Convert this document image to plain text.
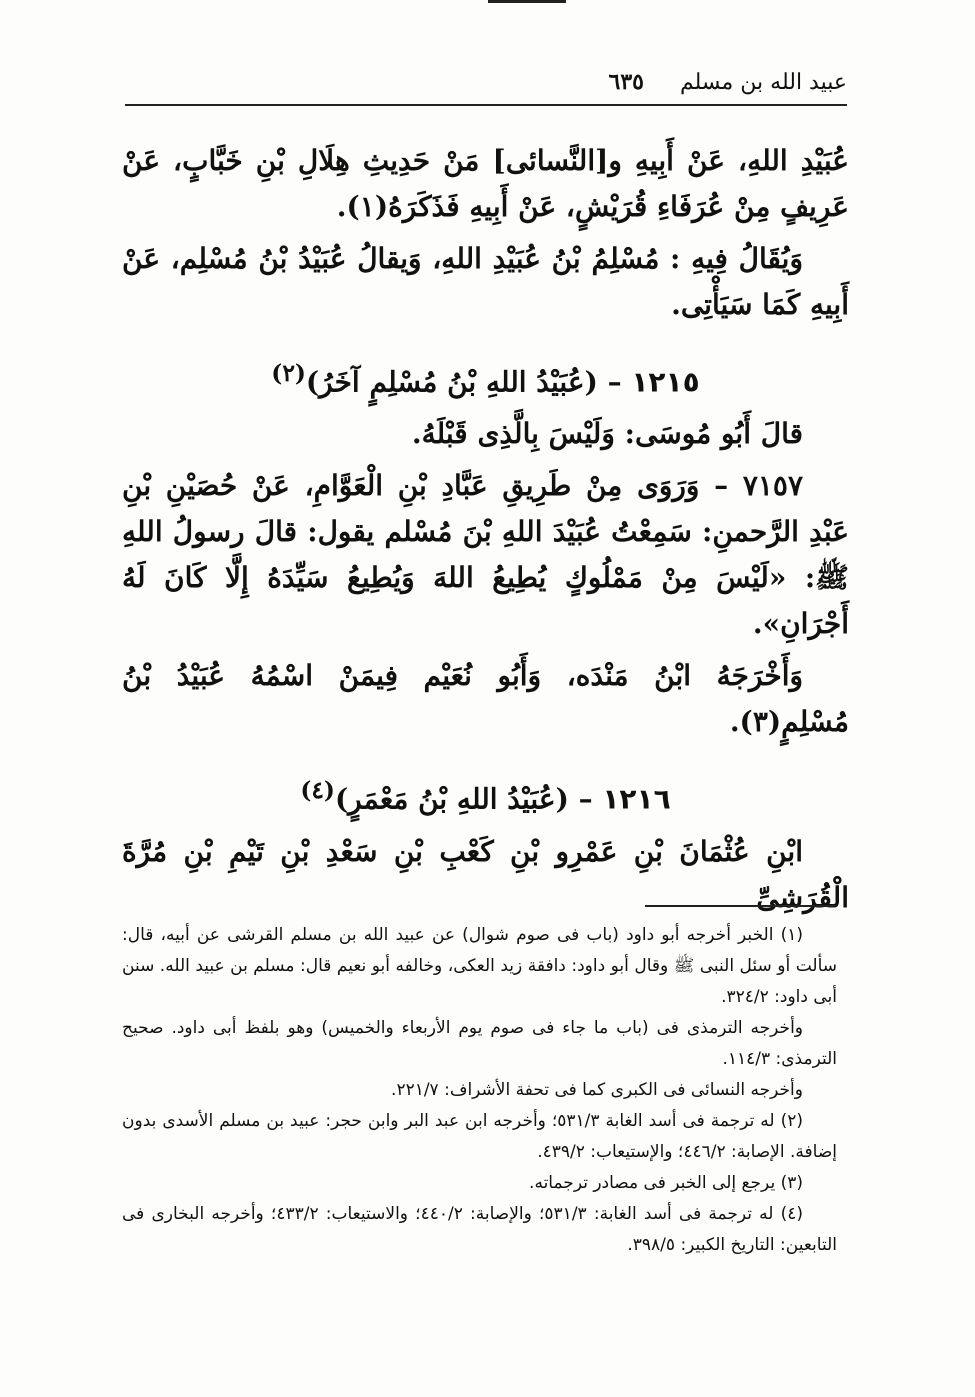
عبيد الله بن مسلم
٦٣٥

عُبَيْدِ اللهِ، عَنْ أَبِيهِ و[النَّسائى] مَنْ حَدِيثِ هِلَالِ بْنِ خَبَّابٍ، عَنْ عَرِيفٍ مِنْ عُرَفَاءِ قُرَيْشٍ، عَنْ أَبِيهِ فَذَكَرَهُ(١).

وَيُقَالُ فِيهِ : مُسْلِمُ بْنُ عُبَيْدِ اللهِ، وَيقالُ عُبَيْدُ بْنُ مُسْلِم، عَنْ أَبِيهِ كَمَا سَيَأْتِى.

١٢١٥ – (عُبَيْدُ اللهِ بْنُ مُسْلِمٍ آخَرُ)$^{(٢)}$

قالَ أَبُو مُوسَى: وَلَيْسَ بِالَّذِى قَبْلَهُ.

٧١٥٧ – وَرَوَى مِنْ طَرِيقِ عَبَّادِ بْنِ الْعَوَّامِ، عَنْ حُصَيْنِ بْنِ عَبْدِ الرَّحمنِ: سَمِعْتُ عُبَيْدَ اللهِ بْنَ مُسْلم يقول: قالَ رسولُ اللهِ ﷺ: «لَيْسَ مِنْ مَمْلُوكٍ يُطِيعُ اللهَ وَيُطِيعُ سَيِّدَهُ إِلَّا كَانَ لَهُ أَجْرَانِ».

وَأَخْرَجَهُ ابْنُ مَنْدَه، وَأَبُو نُعَيْم فِيمَنْ اسْمُهُ عُبَيْدُ بْنُ مُسْلِمٍ(٣).

١٢١٦ – (عُبَيْدُ اللهِ بْنُ مَعْمَرٍ)$^{(٤)}$

ابْنِ عُثْمَانَ بْنِ عَمْرِو بْنِ كَعْبِ بْنِ سَعْدِ بْنِ تَيْمِ بْنِ مُرَّةَ الْقُرَشِىِّ

(١) الخبر أخرجه أبو داود (باب فى صوم شوال) عن عبيد الله بن مسلم القرشى عن أبيه، قال: سألت أو سئل النبى ﷺ وقال أبو داود: دافقة زيد العكى، وخالفه أبو نعيم قال: مسلم بن عبيد الله. سنن أبى داود: ٣٢٤/٢.

وأخرجه الترمذى فى (باب ما جاء فى صوم يوم الأربعاء والخميس) وهو بلفظ أبى داود. صحيح الترمذى: ١١٤/٣.

وأخرجه النسائى فى الكبرى كما فى تحفة الأشراف: ٢٢١/٧.

(٢) له ترجمة فى أسد الغابة ٥٣١/٣؛ وأخرجه ابن عبد البر وابن حجر: عبيد بن مسلم الأسدى بدون إضافة. الإصابة: ٤٤٦/٢؛ والإستيعاب: ٤٣٩/٢.

(٣) يرجع إلى الخبر فى مصادر ترجماته.

(٤) له ترجمة فى أسد الغابة: ٥٣١/٣؛ والإصابة: ٤٤٠/٢؛ والاستيعاب: ٤٣٣/٢؛ وأخرجه البخارى فى التابعين: التاريخ الكبير: ٣٩٨/٥.
